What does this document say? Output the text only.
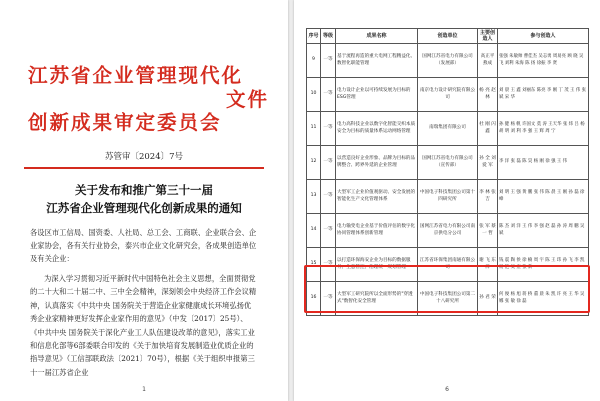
江苏省企业管理现代化
创新成果审定委员会
文件
苏管审〔2024〕7号
关于发布和推广第三十一届
江苏省企业管理现代化创新成果的通知
各设区市工信局、国资委、人社局、总工会、工商联、企业联合会、企业家协会，各有关行业协会，泰兴市企业文化研究会，各成果创造单位及有关企业：
为深入学习贯彻习近平新时代中国特色社会主义思想，全面贯彻党的二十大和二十届二中、三中全会精神，深刻领会中央经济工作会议精神，认真落实《中共中央 国务院关于营造企业家健康成长环境弘扬优秀企业家精神更好发挥企业家作用的意见》（中发〔2017〕25号）、《中共中央 国务院关于深化产业工人队伍建设改革的意见》，落实工业和信息化部等6部委联合印发的《关于加快培育发展制造业优质企业的指导意见》（工信部联政法〔2021〕70号），根据《关于组织申报第三十一届江苏省企业
1
序号	等级	成果名称	创造单位	主要创造人	参与创造人
9	一等	基于流程再造的重大电网工程精益化、数智化职能管理	国网江苏省电力有限公司（发展部）	高正平 燕成	张强 朱敏帅 曹佳杰 吴志勇 周易亮 顾 晓 吴 飞 刘利 朱海 陈 扬 徐振 李 贤
10	一等	电力设计企业以可持续发展为目标的ESG管理	南京电力设计研究院有限公司	杨 亮 赵 林	刘 晨 王 鑫 刘丽东 陈亮 李 刚 丁 茂 王 伟 张 斌 宋 华
11	一等	电力高科技企业以数字化智能交织本质安全为目标的质量体系运动网络管理	南瑞集团有限公司	杜 刚 闪 鑫	孙 健 杨 帆 许国文 莫 涛 王天华 张 炜 吕 杨 胡 明 刘 利 李 强 王 辉 周 宁
12	一等	以营造良好企业形象、品牌为目标的品牌整合、跨界外延的企业管理	国网江苏省电力有限公司（宣传部）	孙 全 刘 爱 军	李 洋 张 磊 陈 昊 杨 刚 徐 强 王 伟
13	一等	大型军工企业价值观驱动、安全发展的智能化生产文化管理体系	中国电子科技集团公司第十四研究所	李 林 张 吉	刘 明 王 强 黄 鹏 张 伟 陈 晨 王 刚 孙 磊 徐 峰
14	一等	电力输变电企业基于价值评估的数字化协同管理体系创新管理	国网江苏省电力有限公司南京供电分公司	张 军 蔡 一 哲	陈 杰 刘 洋 王 伟 李 强 赵 磊 孙 涛 周 鹏 吴 斌
15	一等	以打造环保海安企业为目标的数据服务、生态管控、治理统一规划管理	江苏省环保集团南通有限公司	谢 飞 东 洋	钱 震 陶 侯 徐 楠 周 宇 陈 王 玮 孙 飞 李 凯 杨 恺 吴 宏 张 新
16	一等	大型军工研究院所以全面形势的"穿透式"数智化安全管理	中国电子科技集团公司第二十八研究所	孙 君 荣	何 俊 杨 旭 蒋 桥 董 晨 朱 凯 许 亮 王 华 吴 娜 张 敏 徐 磊
6
